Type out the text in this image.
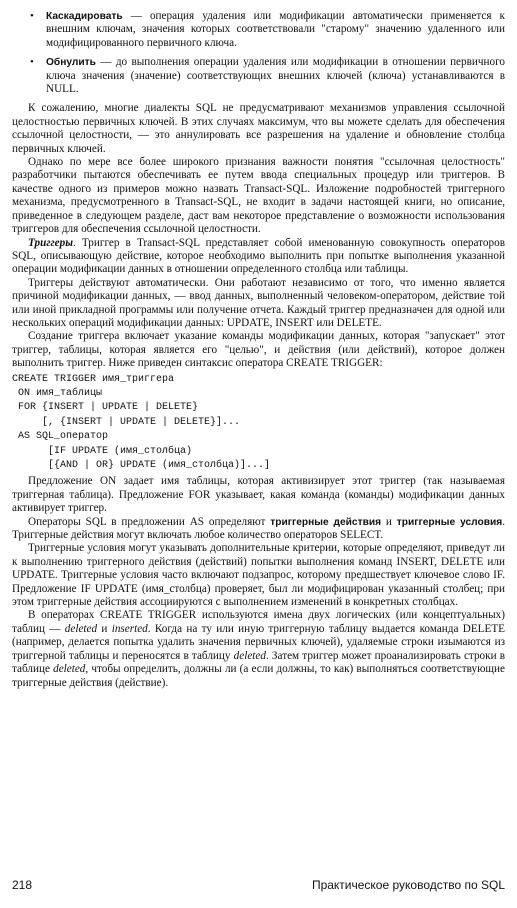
• Каскадировать — операция удаления или модификации автоматически применяется к внешним ключам, значения которых соответствовали "старому" значению удаленного или модифицированного первичного ключа.
• Обнулить — до выполнения операции удаления или модификации в отношении первичного ключа значения (значение) соответствующих внешних ключей (ключа) устанавливаются в NULL.

К сожалению, многие диалекты SQL не предусматривают механизмов управления ссылочной целостностью первичных ключей. В этих случаях максимум, что вы можете сделать для обеспечения ссылочной целостности, — это аннулировать все разрешения на удаление и обновление столбца первичных ключей.

Однако по мере все более широкого признания важности понятия "ссылочная целостность" разработчики пытаются обеспечивать ее путем ввода специальных процедур или триггеров. В качестве одного из примеров можно назвать Transact-SQL. Изложение подробностей триггерного механизма, предусмотренного в Transact-SQL, не входит в задачи настоящей книги, но описание, приведенное в следующем разделе, даст вам некоторое представление о возможности использования триггеров для обеспечения ссылочной целостности.

Триггеры. Триггер в Transact-SQL представляет собой именованную совокупность операторов SQL, описывающую действие, которое необходимо выполнить при попытке выполнения указанной операции модификации данных в отношении определенного столбца или таблицы.

Триггеры действуют автоматически. Они работают независимо от того, что именно является причиной модификации данных, — ввод данных, выполненный человеком-оператором, действие той или иной прикладной программы или получение отчета. Каждый триггер предназначен для одной или нескольких операций модификации данных: UPDATE, INSERT или DELETE.

Создание триггера включает указание команды модификации данных, которая "запускает" этот триггер, таблицы, которая является его "целью", и действия (или действий), которое должен выполнить триггер. Ниже приведен синтаксис оператора CREATE TRIGGER:

CREATE TRIGGER имя_триггера
ON имя_таблицы
FOR {INSERT | UPDATE | DELETE}
[, {INSERT | UPDATE | DELETE}]...
AS SQL_оператор
[IF UPDATE (имя_столбца)
[{AND | OR} UPDATE (имя_столбца)]...]

Предложение ON задает имя таблицы, которая активизирует этот триггер (так называемая триггерная таблица). Предложение FOR указывает, какая команда (команды) модификации данных активирует триггер.

Операторы SQL в предложении AS определяют триггерные действия и триггерные условия. Триггерные действия могут включать любое количество операторов SELECT.

Триггерные условия могут указывать дополнительные критерии, которые определяют, приведут ли к выполнению триггерного действия (действий) попытки выполнения команд INSERT, DELETE или UPDATE. Триггерные условия часто включают подзапрос, которому предшествует ключевое слово IF. Предложение IF UPDATE (имя_столбца) проверяет, был ли модифицирован указанный столбец; при этом триггерные действия ассоциируются с выполнением изменений в конкретных столбцах.

В операторах CREATE TRIGGER используются имена двух логических (или концептуальных) таблиц — deleted и inserted. Когда на ту или иную триггерную таблицу выдается команда DELETE (например, делается попытка удалить значения первичных ключей), удаляемые строки изымаются из триггерной таблицы и переносятся в таблицу deleted. Затем триггер может проанализировать строки в таблице deleted, чтобы определить, должны ли (а если должны, то как) выполняться соответствующие триггерные действия (действие).

218	Практическое руководство по SQL
